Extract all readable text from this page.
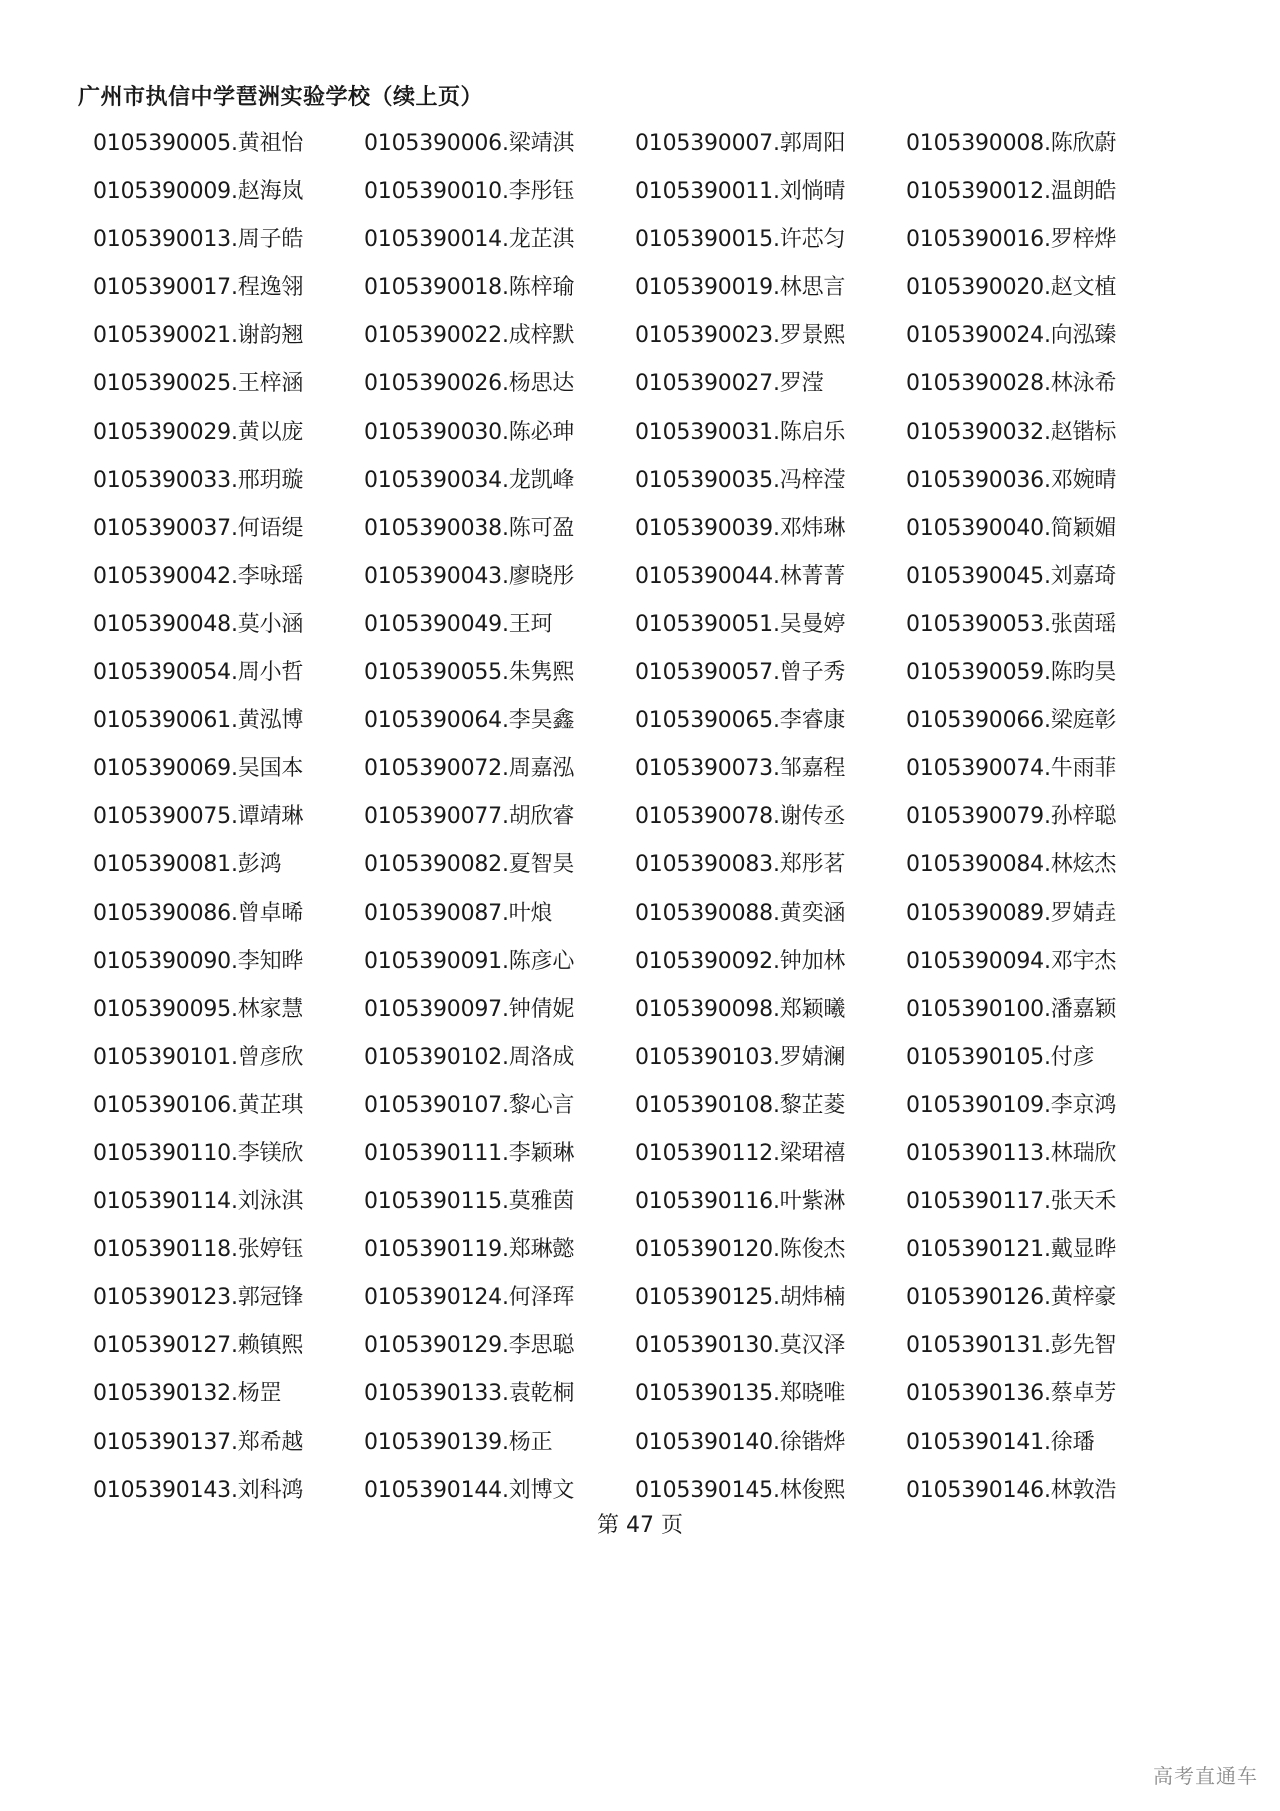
广州市执信中学琶洲实验学校（续上页）
0105390005.黄祖怡	0105390006.梁靖淇	0105390007.郭周阳	0105390008.陈欣蔚
0105390009.赵海岚	0105390010.李彤钰	0105390011.刘惝晴	0105390012.温朗皓
0105390013.周子皓	0105390014.龙芷淇	0105390015.许芯匀	0105390016.罗梓烨
0105390017.程逸翎	0105390018.陈梓瑜	0105390019.林思言	0105390020.赵文植
0105390021.谢韵翘	0105390022.成梓默	0105390023.罗景熙	0105390024.向泓臻
0105390025.王梓涵	0105390026.杨思达	0105390027.罗滢	0105390028.林泳希
0105390029.黄以庞	0105390030.陈必珅	0105390031.陈启乐	0105390032.赵锴标
0105390033.邢玥璇	0105390034.龙凯峰	0105390035.冯梓滢	0105390036.邓婉晴
0105390037.何语缇	0105390038.陈可盈	0105390039.邓炜琳	0105390040.简颖媚
0105390042.李咏瑶	0105390043.廖晓彤	0105390044.林菁菁	0105390045.刘嘉琦
0105390048.莫小涵	0105390049.王珂	0105390051.吴曼婷	0105390053.张茵瑶
0105390054.周小哲	0105390055.朱隽熙	0105390057.曾子秀	0105390059.陈昀昊
0105390061.黄泓博	0105390064.李昊鑫	0105390065.李睿康	0105390066.梁庭彰
0105390069.吴国本	0105390072.周嘉泓	0105390073.邹嘉程	0105390074.牛雨菲
0105390075.谭靖琳	0105390077.胡欣睿	0105390078.谢传丞	0105390079.孙梓聪
0105390081.彭鸿	0105390082.夏智昊	0105390083.郑彤茗	0105390084.林炫杰
0105390086.曾卓晞	0105390087.叶烺	0105390088.黄奕涵	0105390089.罗婧垚
0105390090.李知晔	0105390091.陈彦心	0105390092.钟加林	0105390094.邓宇杰
0105390095.林家慧	0105390097.钟倩妮	0105390098.郑颖曦	0105390100.潘嘉颖
0105390101.曾彦欣	0105390102.周洛成	0105390103.罗婧澜	0105390105.付彦
0105390106.黄芷琪	0105390107.黎心言	0105390108.黎芷菱	0105390109.李京鸿
0105390110.李镁欣	0105390111.李颖琳	0105390112.梁珺禧	0105390113.林瑞欣
0105390114.刘泳淇	0105390115.莫雅茵	0105390116.叶紫淋	0105390117.张天禾
0105390118.张婷钰	0105390119.郑琳懿	0105390120.陈俊杰	0105390121.戴显晔
0105390123.郭冠锋	0105390124.何泽珲	0105390125.胡炜楠	0105390126.黄梓豪
0105390127.赖镇熙	0105390129.李思聪	0105390130.莫汉泽	0105390131.彭先智
0105390132.杨罡	0105390133.袁乾桐	0105390135.郑晓唯	0105390136.蔡卓芳
0105390137.郑希越	0105390139.杨正	0105390140.徐锴烨	0105390141.徐璠
0105390143.刘科鸿	0105390144.刘博文	0105390145.林俊熙	0105390146.林敦浩
第 47 页
高考直通车
